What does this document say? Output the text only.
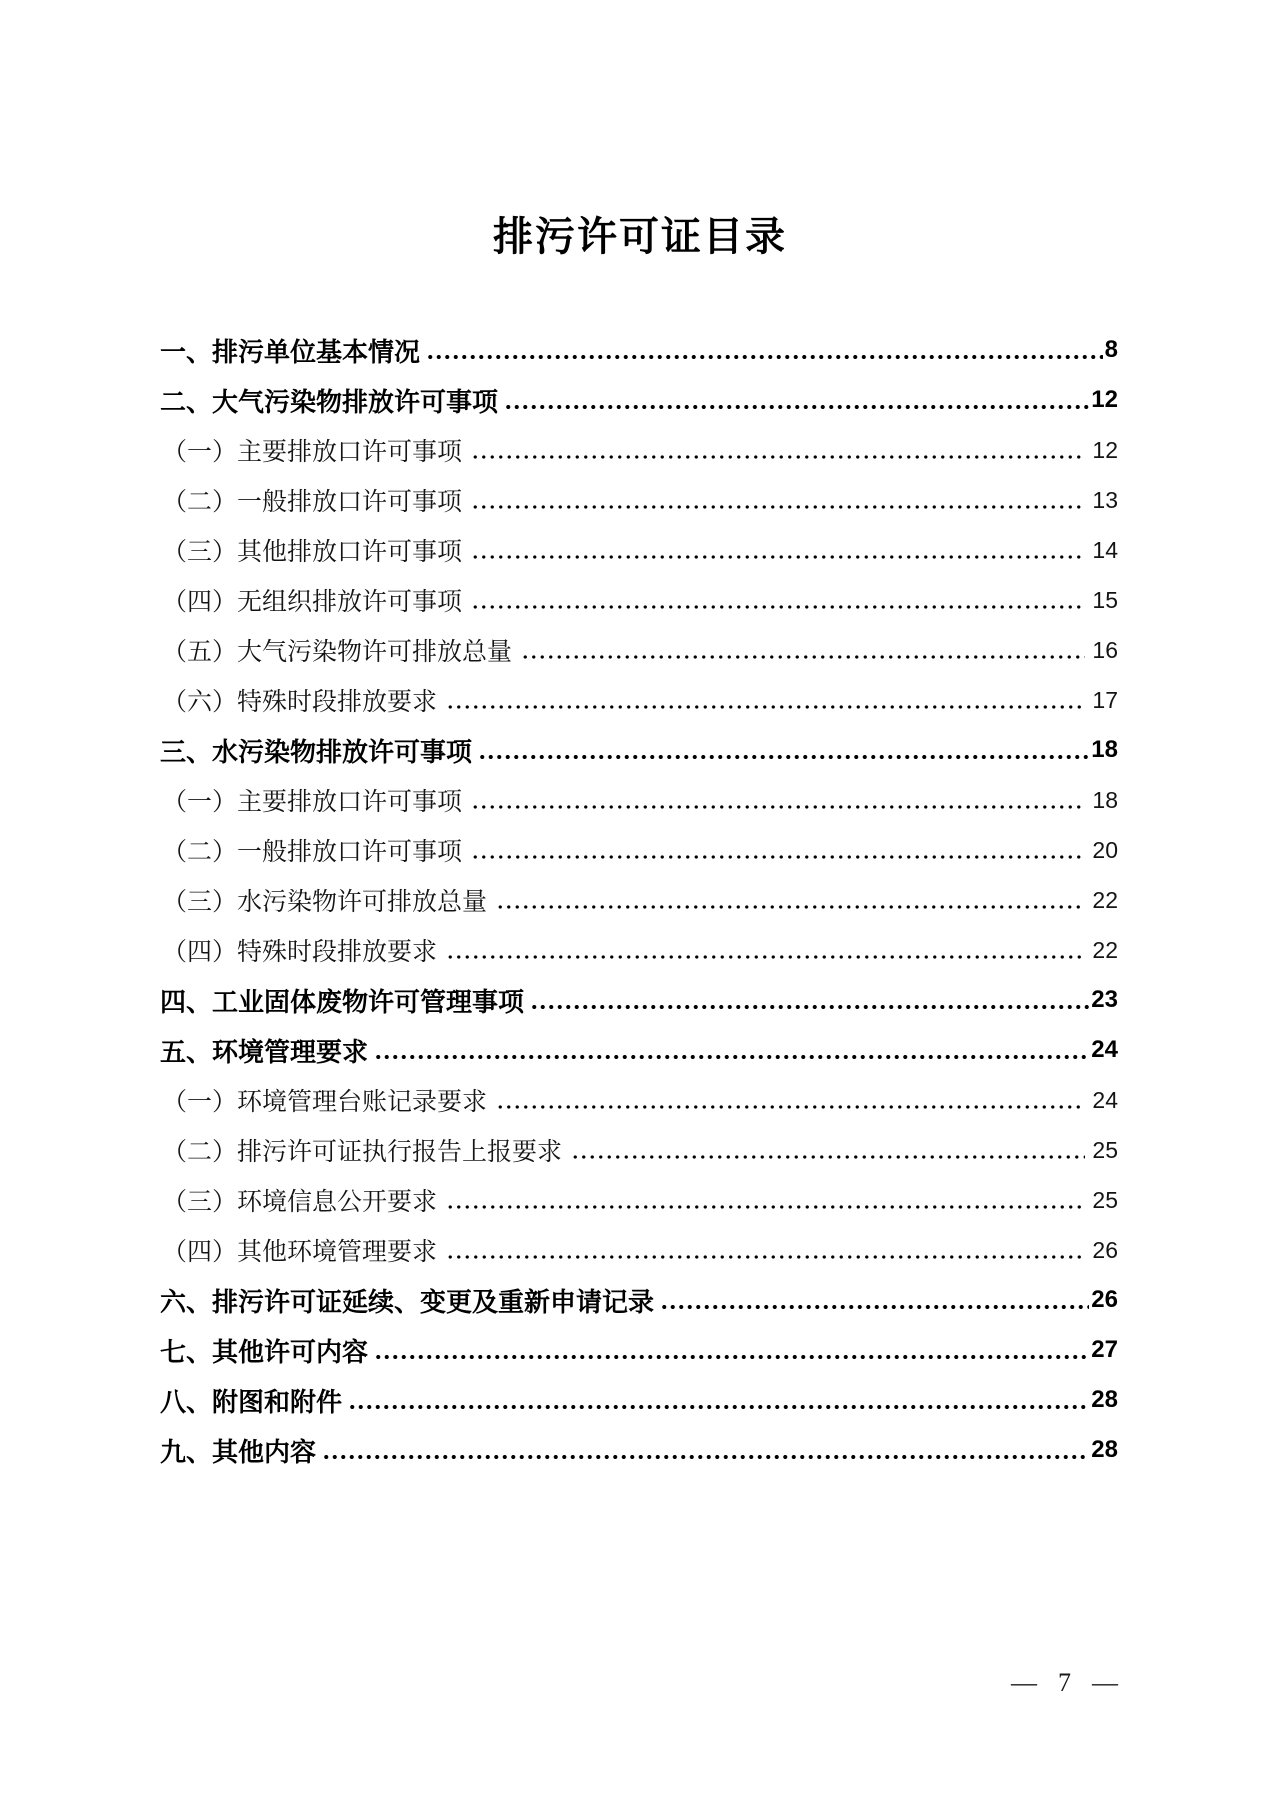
排污许可证目录
一、排污单位基本情况	8
二、大气污染物排放许可事项	12
（一）主要排放口许可事项	12
（二）一般排放口许可事项	13
（三）其他排放口许可事项	14
（四）无组织排放许可事项	15
（五）大气污染物许可排放总量	16
（六）特殊时段排放要求	17
三、水污染物排放许可事项	18
（一）主要排放口许可事项	18
（二）一般排放口许可事项	20
（三）水污染物许可排放总量	22
（四）特殊时段排放要求	22
四、工业固体废物许可管理事项	23
五、环境管理要求	24
（一）环境管理台账记录要求	24
（二）排污许可证执行报告上报要求	25
（三）环境信息公开要求	25
（四）其他环境管理要求	26
六、排污许可证延续、变更及重新申请记录	26
七、其他许可内容	27
八、附图和附件	28
九、其他内容	28
— 7 —
